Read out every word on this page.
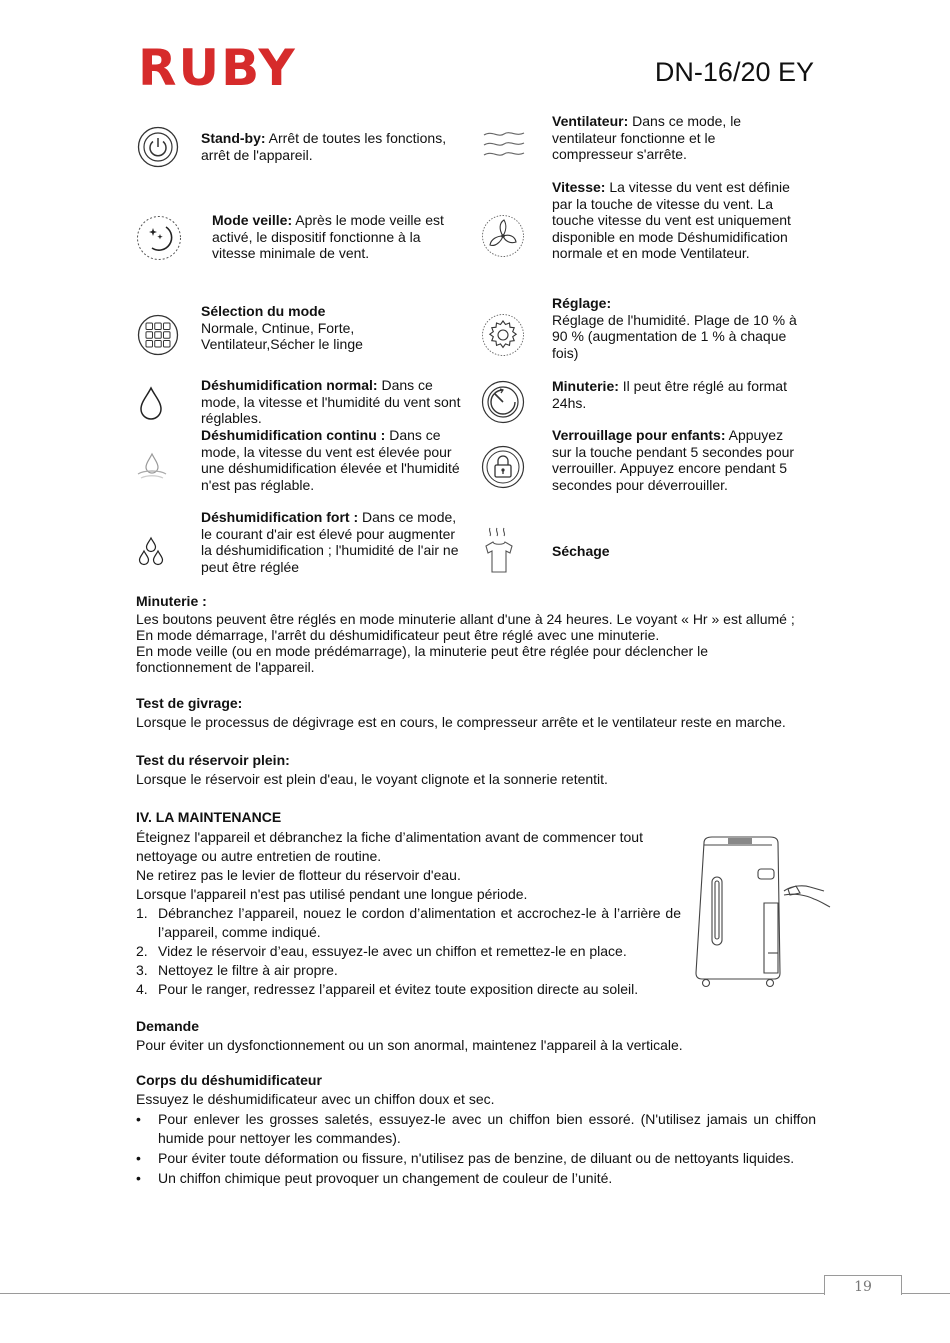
RUBY	DN-16/20 EY
Stand-by: Arrêt de toutes les fonctions, arrêt de l'appareil.
Mode veille: Après le mode veille est activé, le dispositif fonctionne à la vitesse minimale de vent.
Sélection du mode
Normale, Cntinue, Forte, Ventilateur,Sécher le linge
Déshumidification normal: Dans ce mode, la vitesse et l'humidité du vent sont réglables.
Déshumidification continu : Dans ce mode, la vitesse du vent est élevée pour une déshumidification élevée et l'humidité n'est pas réglable.
Déshumidification fort : Dans ce mode, le courant d'air est élevé pour augmenter la déshumidification ; l'humidité de l'air ne peut être réglée
Ventilateur: Dans ce mode, le ventilateur fonctionne et le compresseur s'arrête.
Vitesse: La vitesse du vent est définie par la touche de vitesse du vent. La touche vitesse du vent est uniquement disponible en mode Déshumidification normale et en mode Ventilateur.
Réglage:
Réglage de l'humidité. Plage de 10 % à 90 % (augmentation de 1 % à chaque fois)
Minuterie: Il peut être réglé au format 24hs.
Verrouillage pour enfants: Appuyez sur la touche pendant 5 secondes pour verrouiller. Appuyez encore pendant 5 secondes pour déverrouiller.
Séchage
Minuterie :
Les boutons peuvent être réglés en mode minuterie allant d'une à 24 heures. Le voyant « Hr » est allumé ;
En mode démarrage, l'arrêt du déshumidificateur peut être réglé avec une minuterie.
En mode veille (ou en mode prédémarrage), la minuterie peut être réglée pour déclencher le
fonctionnement de l'appareil.
Test de givrage:
Lorsque le processus de dégivrage est en cours, le compresseur arrête et le ventilateur reste en marche.
Test du réservoir plein:
Lorsque le réservoir est plein d'eau, le voyant clignote et la sonnerie retentit.
IV. LA MAINTENANCE
Éteignez l'appareil et débranchez la fiche d’alimentation avant de commencer tout
nettoyage ou autre entretien de routine.
Ne retirez pas le levier de flotteur du réservoir d'eau.
Lorsque l'appareil n'est pas utilisé pendant une longue période.
1. Débranchez l’appareil, nouez le cordon d’alimentation et accrochez-le à l’arrière de l’appareil, comme indiqué.
2. Videz le réservoir d’eau, essuyez-le avec un chiffon et remettez-le en place.
3. Nettoyez le filtre à air propre.
4. Pour le ranger, redressez l’appareil et évitez toute exposition directe au soleil.
Demande
Pour éviter un dysfonctionnement ou un son anormal, maintenez l'appareil à la verticale.
Corps du déshumidificateur
Essuyez le déshumidificateur avec un chiffon doux et sec.
• Pour enlever les grosses saletés, essuyez-le avec un chiffon bien essoré. (N'utilisez jamais un chiffon humide pour nettoyer les commandes).
• Pour éviter toute déformation ou fissure, n'utilisez pas de benzine, de diluant ou de nettoyants liquides.
• Un chiffon chimique peut provoquer un changement de couleur de l’unité.
19
